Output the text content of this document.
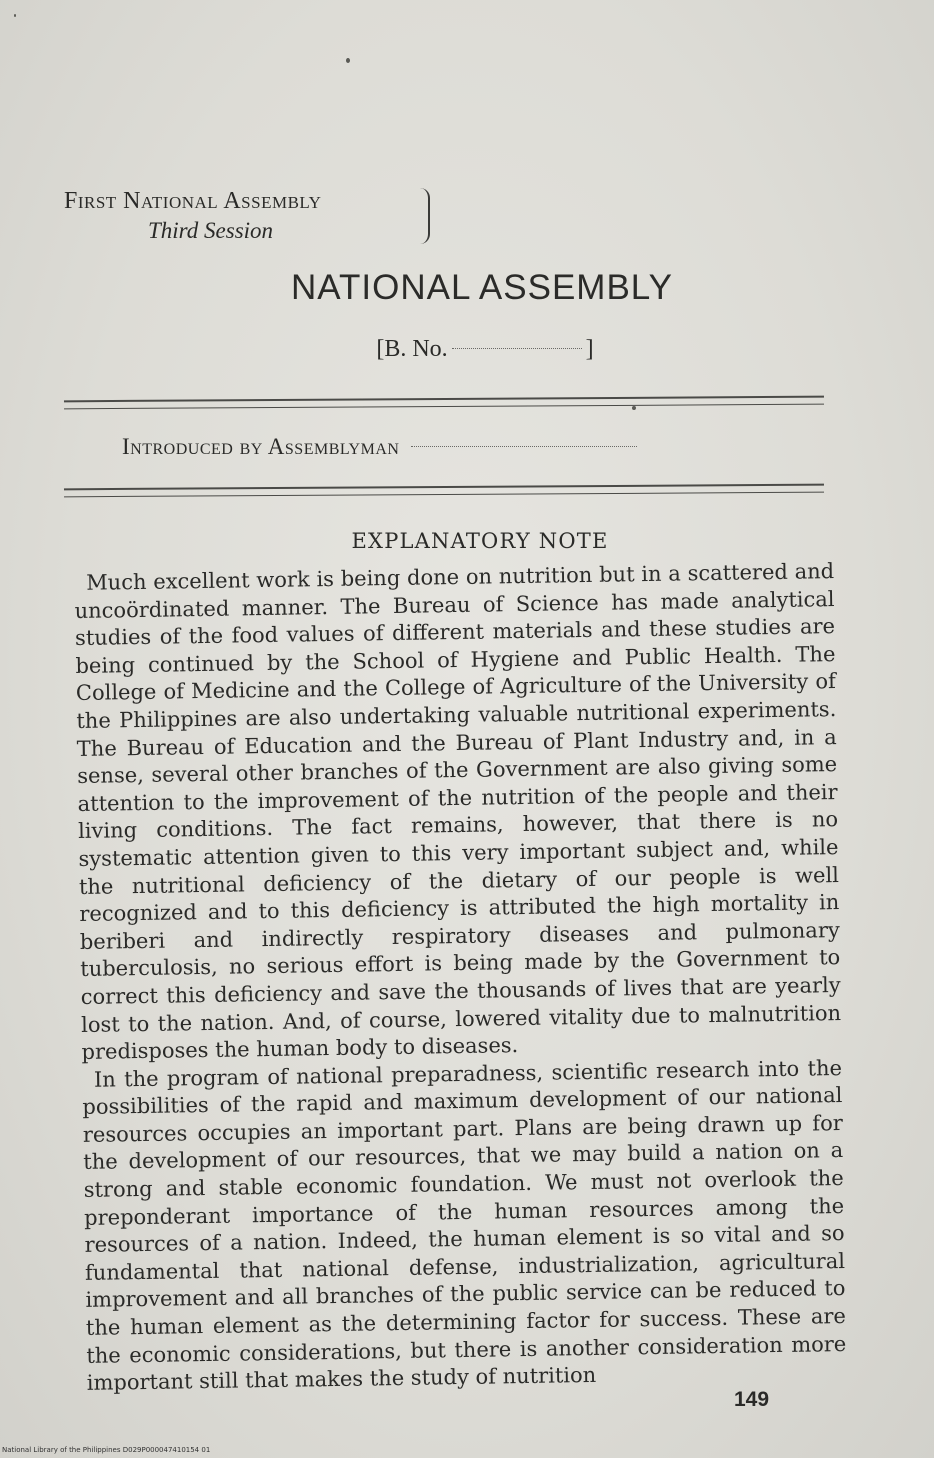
First National Assembly
Third Session
NATIONAL ASSEMBLY
[B. No.	]
Introduced by Assemblyman
EXPLANATORY NOTE

Much excellent work is being done on nutrition but in a scattered and uncoördinated manner. The Bureau of Science has made analytical studies of the food values of different materials and these studies are being continued by the School of Hygiene and Public Health. The College of Medicine and the College of Agriculture of the University of the Philippines are also undertaking valuable nutritional experiments. The Bureau of Education and the Bureau of Plant Industry and, in a sense, several other branches of the Government are also giving some attention to the improvement of the nutrition of the people and their living conditions. The fact remains, however, that there is no systematic attention given to this very important subject and, while the nutritional deficiency of the dietary of our people is well recognized and to this deficiency is attributed the high mortality in beriberi and indirectly respiratory diseases and pulmonary tuberculosis, no serious effort is being made by the Government to correct this deficiency and save the thousands of lives that are yearly lost to the nation. And, of course, lowered vitality due to malnutrition predisposes the human body to diseases.

In the program of national preparadness, scientific research into the possibilities of the rapid and maximum development of our national resources occupies an important part. Plans are being drawn up for the development of our resources, that we may build a nation on a strong and stable economic foundation. We must not overlook the preponderant importance of the human resources among the resources of a nation. Indeed, the human element is so vital and so fundamental that national defense, industrialization, agricultural improvement and all branches of the public service can be reduced to the human element as the determining factor for success. These are the economic considerations, but there is another consideration more important still that makes the study of nutrition

149
National Library of the Philippines D029P000047410154 01
